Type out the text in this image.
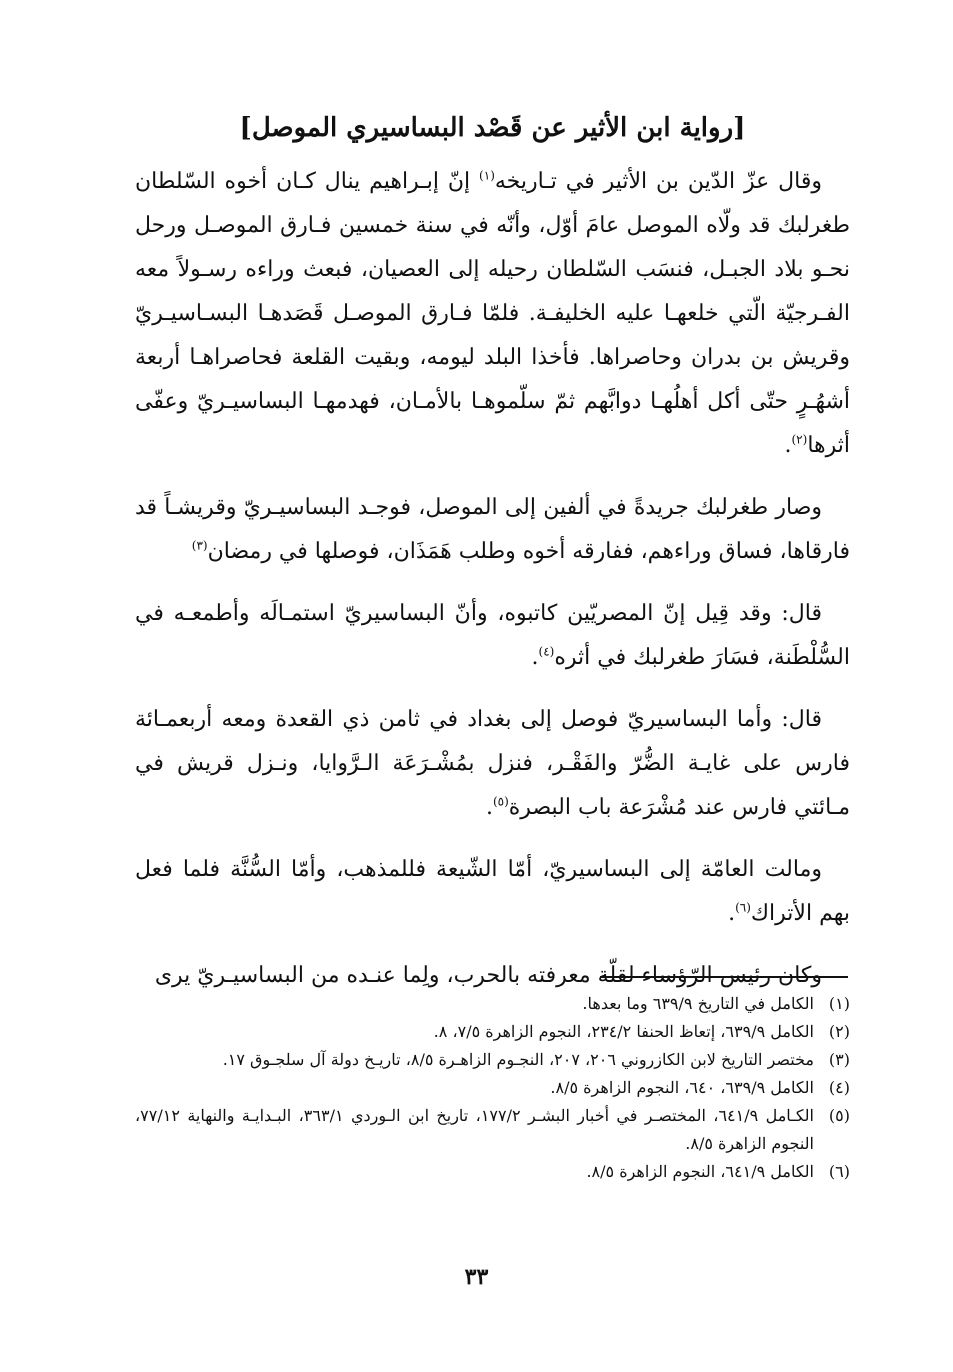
[رواية ابن الأثير عن قَصْد البساسيري الموصل]

وقال عزّ الدّين بن الأثير في تـاريخه$^{(١)}$ إنّ إبـراهيم ينال كـان أخوه السّلطان طغرلبك قد ولّاه الموصل عامَ أوّل، وأنّه في سنة خمسين فـارق الموصـل ورحل نحـو بلاد الجبـل، فنسَب السّلطان رحيله إلى العصيان، فبعث وراءه رسـولاً معه الفـرجيّة الّتي خلعهـا عليه الخليفـة. فلمّا فـارق الموصـل قَصَدهـا البسـاسيـريّ وقريش بن بدران وحاصراها. فأخذا البلد ليومه، وبقيت القلعة فحاصراهـا أربعة أشهُـرٍ حتّى أكل أهلُهـا دوابَّهم ثمّ سلّموهـا بالأمـان، فهدمهـا البساسيـريّ وعفّى أثرها$^{(٢)}$.

وصار طغرلبك جريدةً في ألفين إلى الموصل، فوجـد البساسيـريّ وقريشـاً قد فارقاها، فساق وراءهم، ففارقه أخوه وطلب هَمَذَان، فوصلها في رمضان$^{(٣)}$

قال: وقد قِيل إنّ المصريّين كاتبوه، وأنّ البساسيريّ استمـالَه وأطمعـه في السُّلْطَنة، فسَارَ طغرلبك في أثره$^{(٤)}$.

قال: وأما البساسيريّ فوصل إلى بغداد في ثامن ذي القعدة ومعه أربعمـائة فارس على غايـة الضُّرّ والفَقْـر، فنزل بمُشْـرَعَة الـرَّوايا، ونـزل قريش في مـائتي فارس عند مُشْرَعة باب البصرة$^{(٥)}$.

ومالت العامّة إلى البساسيريّ، أمّا الشّيعة فللمذهب، وأمّا السُّنَّة فلما فعل بهم الأتراك$^{(٦)}$.

وكان رئيس الرّؤساء لقلّة معرفته بالحرب، ولِما عنـده من البساسيـريّ يرى

(١)
الكامل في التاريخ ٦٣٩/٩ وما بعدها.
(٢)
الكامل ٦٣٩/٩، إتعاظ الحنفا ٢٣٤/٢، النجوم الزاهرة ٧/٥، ٨.
(٣)
مختصر التاريخ لابن الكازروني ٢٠٦، ٢٠٧، النجـوم الزاهـرة ٨/٥، تاريـخ دولة آل سلجـوق ١٧.
(٤)
الكامل ٦٣٩/٩، ٦٤٠، النجوم الزاهرة ٨/٥.
(٥)
الكـامل ٦٤١/٩، المختصـر في أخبار البشـر ١٧٧/٢، تاريخ ابن الـوردي ٣٦٣/١، البـدايـة والنهاية ٧٧/١٢، النجوم الزاهرة ٨/٥.
(٦)
الكامل ٦٤١/٩، النجوم الزاهرة ٨/٥.
٣٣
